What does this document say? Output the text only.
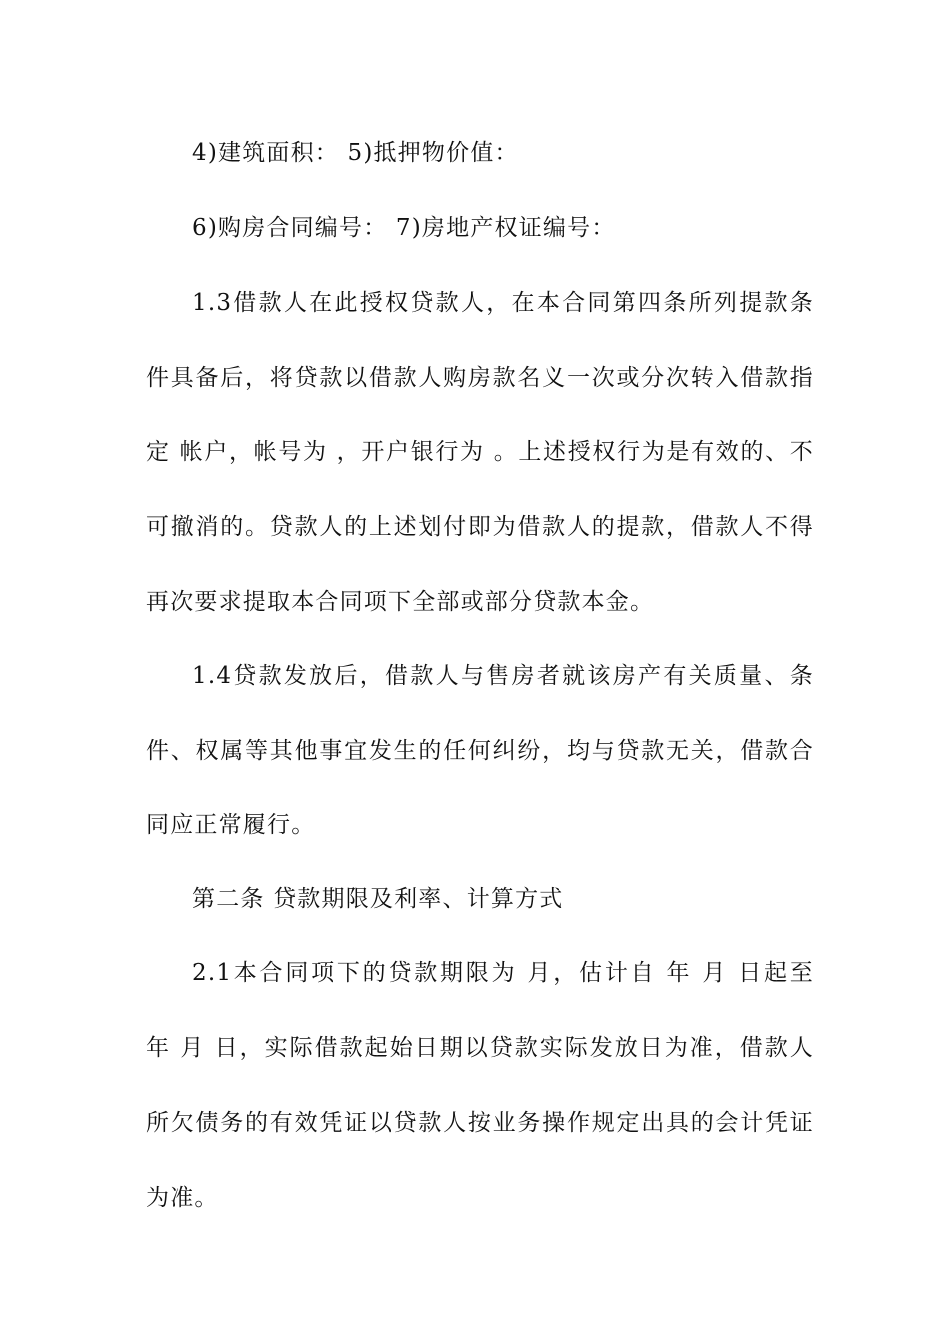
4)建筑面积： 5)抵押物价值：
6)购房合同编号： 7)房地产权证编号：
1.3借款人在此授权贷款人，在本合同第四条所列提款条
件具备后，将贷款以借款人购房款名义一次或分次转入借款指
定 帐户，帐号为 ，开户银行为 。上述授权行为是有效的、不
可撤消的。贷款人的上述划付即为借款人的提款，借款人不得
再次要求提取本合同项下全部或部分贷款本金。
1.4贷款发放后，借款人与售房者就该房产有关质量、条
件、权属等其他事宜发生的任何纠纷，均与贷款无关，借款合
同应正常履行。
第二条 贷款期限及利率、计算方式
2.1本合同项下的贷款期限为 月，估计自 年 月 日起至
年 月 日，实际借款起始日期以贷款实际发放日为准，借款人
所欠债务的有效凭证以贷款人按业务操作规定出具的会计凭证
为准。
